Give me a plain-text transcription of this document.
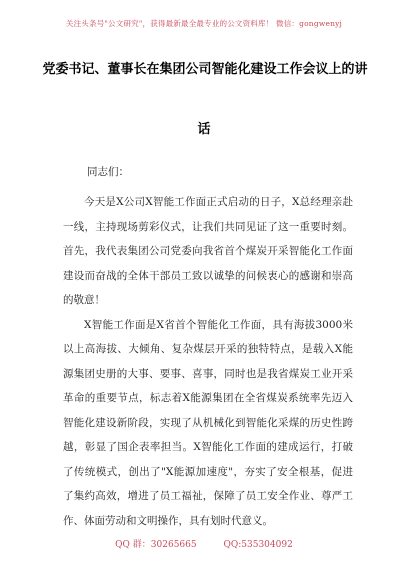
关注头条号"公文研究"，获得最新最全最专业的公文资料库！ 微信：gongwenyj
党委书记、董事长在集团公司智能化建设工作会议上的讲
话
同志们：

今天是X公司X智能工作面正式启动的日子，X总经理亲赴一线，主持现场剪彩仪式，让我们共同见证了这一重要时刻。首先，我代表集团公司党委向我省首个煤炭开采智能化工作面建设而奋战的全体干部员工致以诚挚的问候衷心的感谢和崇高的敬意！

X智能工作面是X省首个智能化工作面，具有海拔3000米以上高海拔、大倾角、复杂煤层开采的独特特点，是载入X能源集团史册的大事、要事、喜事，同时也是我省煤炭工业开采革命的重要节点，标志着X能源集团在全省煤炭系统率先迈入智能化建设新阶段，实现了从机械化到智能化采煤的历史性跨越，彰显了国企表率担当。X智能化工作面的建成运行，打破了传统模式，创出了"X能源加速度"，夯实了安全根基，促进了集约高效，增进了员工福祉，保障了员工安全作业、尊严工作、体面劳动和文明操作，具有划时代意义。

QQ 群：30265665	QQ:535304092
